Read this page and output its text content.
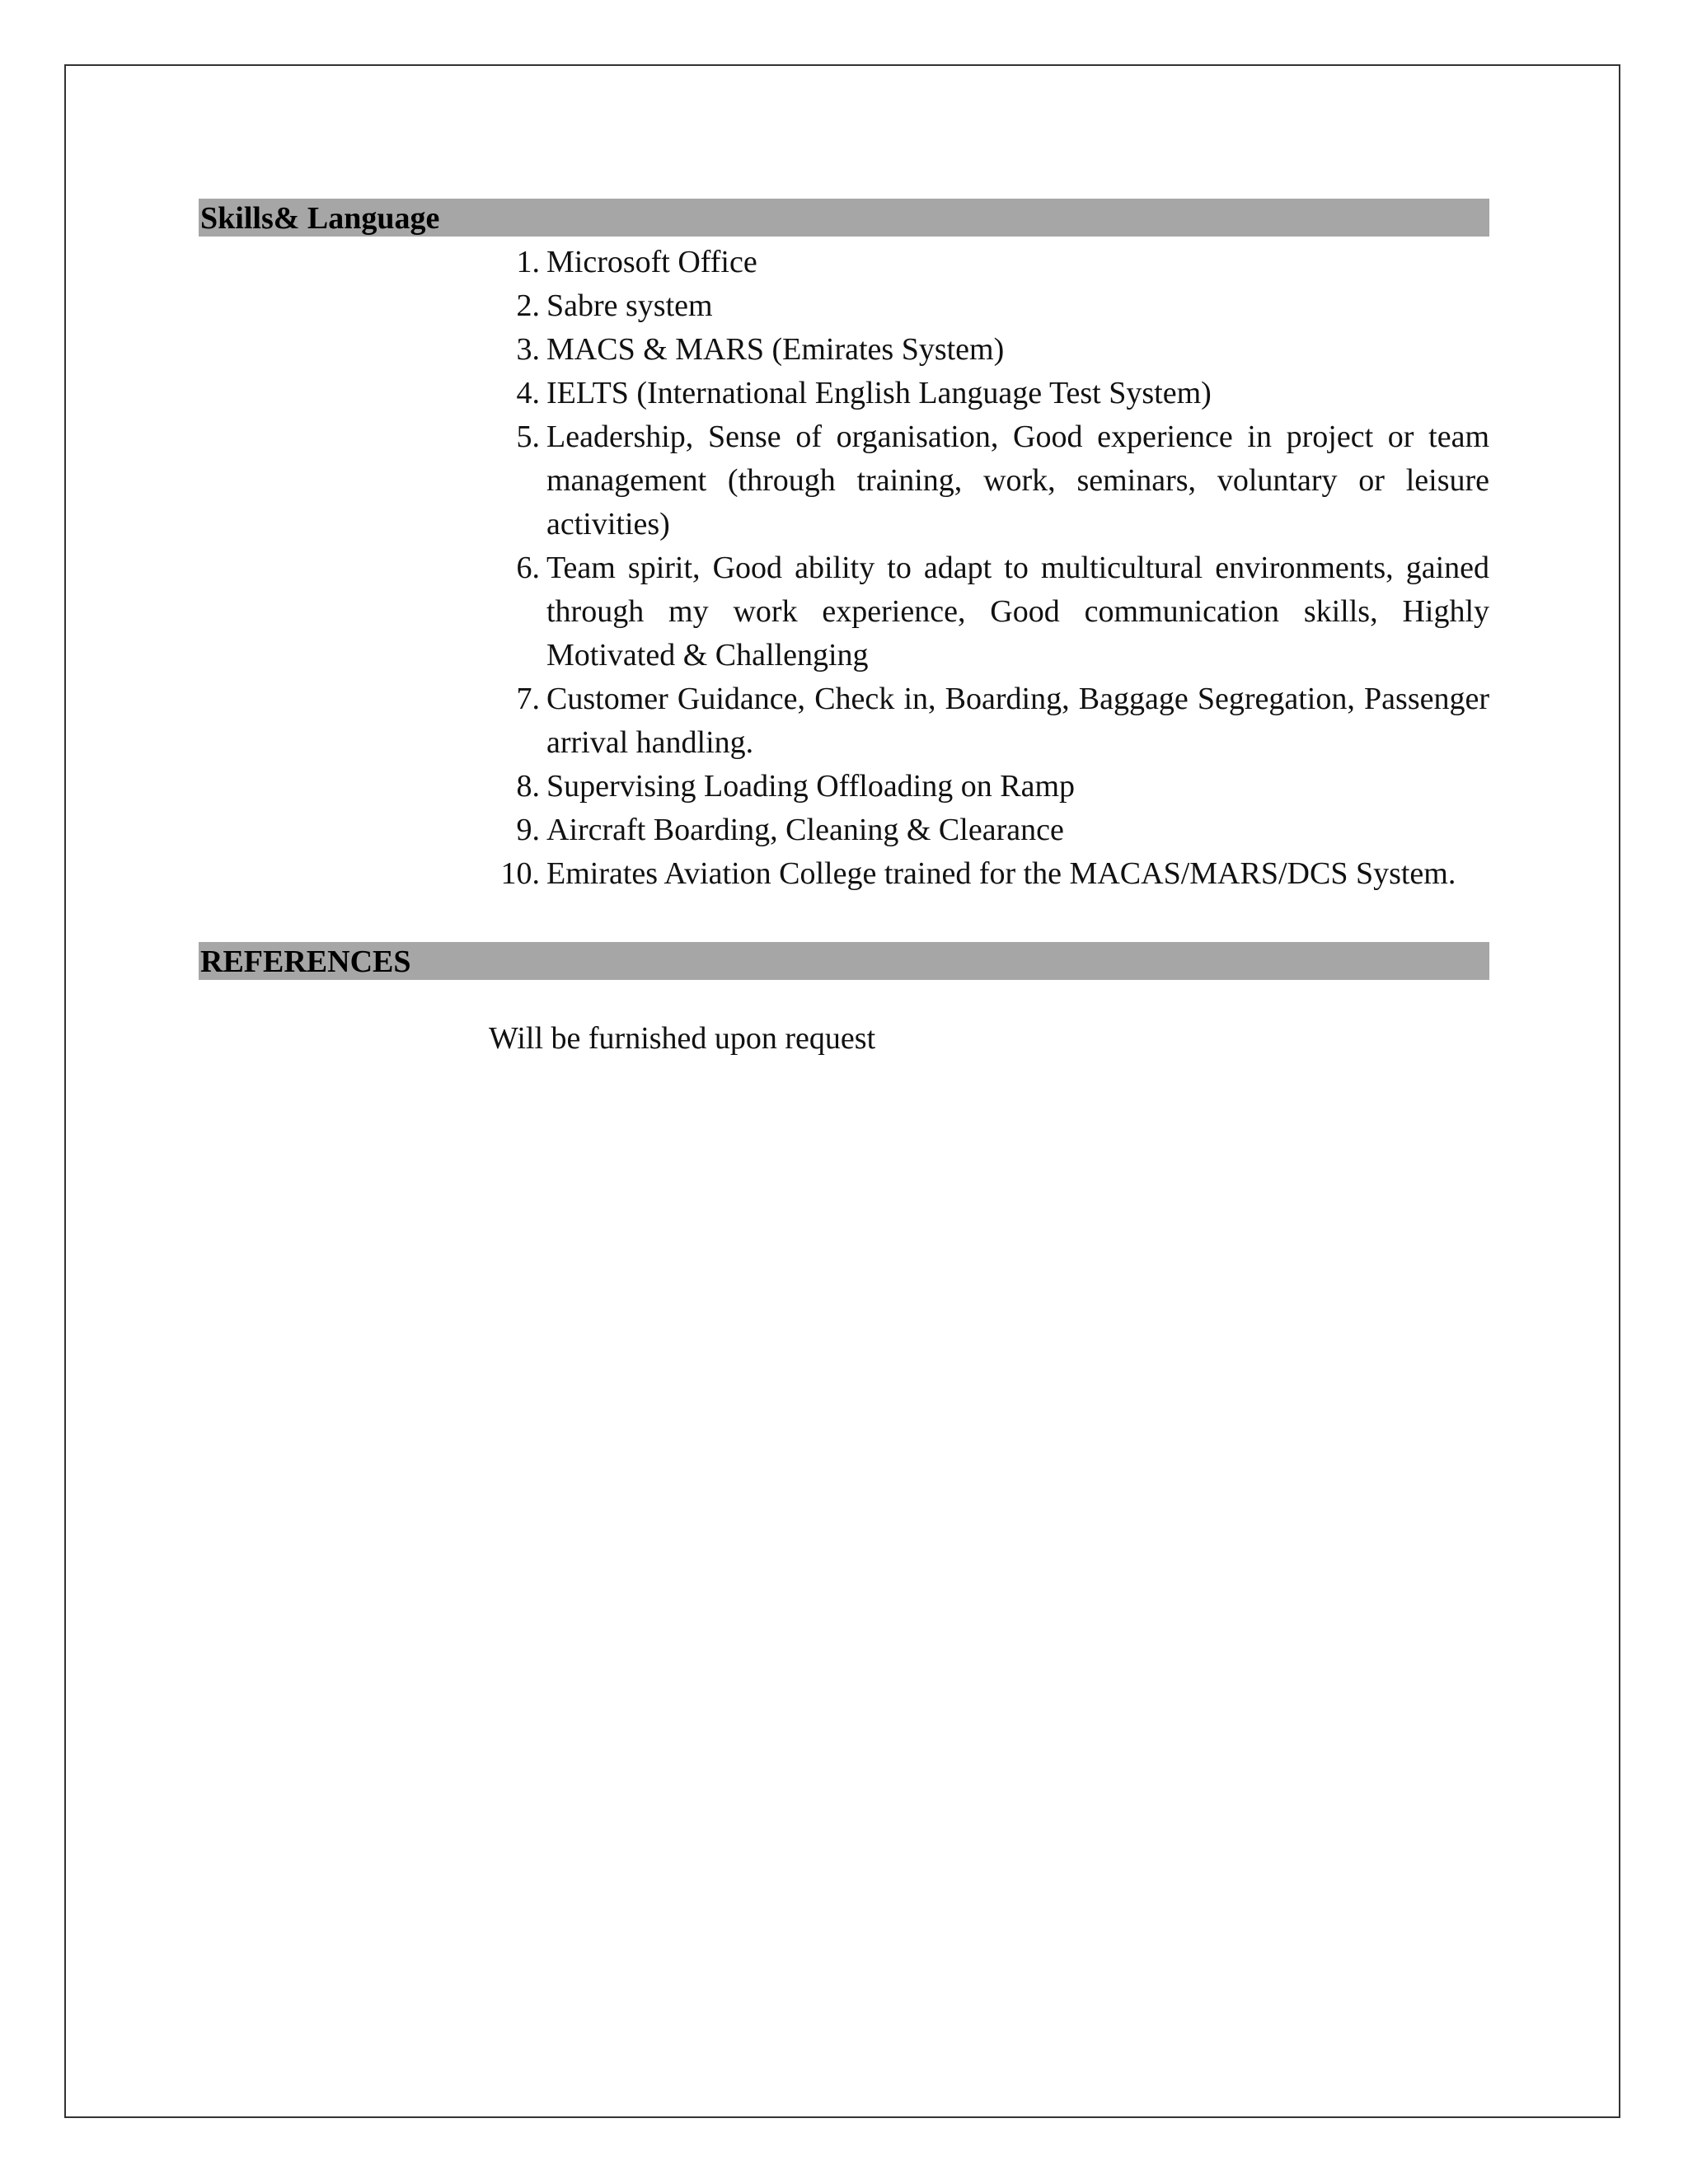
Skills& Language
1. Microsoft Office
2. Sabre system
3. MACS & MARS (Emirates System)
4. IELTS (International English Language Test System)
5. Leadership, Sense of organisation, Good experience in project or team management (through training, work, seminars, voluntary or leisure activities)
6. Team spirit, Good ability to adapt to multicultural environments, gained through my work experience, Good communication skills, Highly Motivated & Challenging
7. Customer Guidance, Check in, Boarding, Baggage Segregation, Passenger arrival handling.
8. Supervising Loading Offloading on Ramp
9. Aircraft Boarding, Cleaning & Clearance
10. Emirates Aviation College trained for the MACAS/MARS/DCS System.
REFERENCES
Will be furnished upon request
